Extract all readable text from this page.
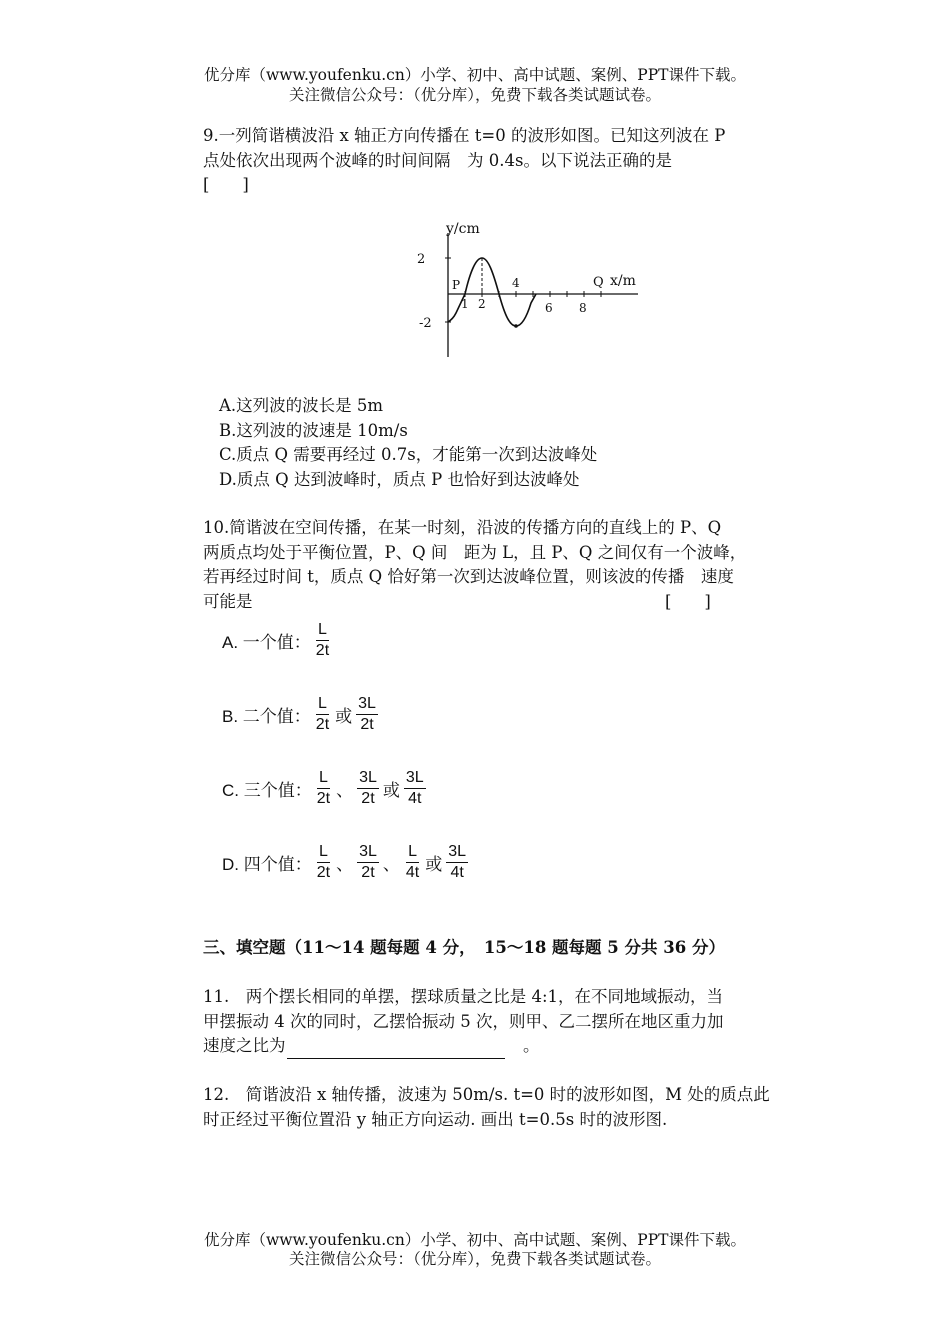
优分库（www.youfenku.cn）小学、初中、高中试题、案例、PPT课件下载。
关注微信公众号：（优分库），免费下载各类试题试卷。
9.一列简谐横波沿 x 轴正方向传播在 t=0 的波形如图。已知这列波在 P
点处依次出现两个波峰的时间间隔　为 0.4s。以下说法正确的是
[　　]
y/cm
x/m
2
-2
P	Q
1 2
4
6 8
A.这列波的波长是 5m
B.这列波的波速是 10m/s
C.质点 Q 需要再经过 0.7s，才能第一次到达波峰处
D.质点 Q 达到波峰时，质点 P 也恰好到达波峰处
10.简谐波在空间传播，在某一时刻，沿波的传播方向的直线上的 P、Q
两质点均处于平衡位置，P、Q 间　距为 L，且 P、Q 之间仅有一个波峰，
若再经过时间 t，质点 Q 恰好第一次到达波峰位置，则该波的传播　速度
可能是	[　　]
A. 一个值： $\frac{L}{2t}$
B. 二个值： $\frac{L}{2t}$ 或 $\frac{3L}{2t}$
C. 三个值： $\frac{L}{2t}$ 、 $\frac{3L}{2t}$ 或 $\frac{3L}{4t}$
D. 四个值： $\frac{L}{2t}$ 、 $\frac{3L}{2t}$ 、 $\frac{L}{4t}$ 或 $\frac{3L}{4t}$
三、填空题（11～14 题每题 4 分，　15～18 题每题 5 分共 36 分）
11.　两个摆长相同的单摆，摆球质量之比是 4:1，在不同地域振动，当
甲摆振动 4 次的同时，乙摆恰振动 5 次，则甲、乙二摆所在地区重力加
速度之比为	　。
12.　简谐波沿 x 轴传播，波速为 50m/s. t=0 时的波形如图，M 处的质点此
时正经过平衡位置沿 y 轴正方向运动. 画出 t=0.5s 时的波形图.
优分库（www.youfenku.cn）小学、初中、高中试题、案例、PPT课件下载。
关注微信公众号：（优分库），免费下载各类试题试卷。
